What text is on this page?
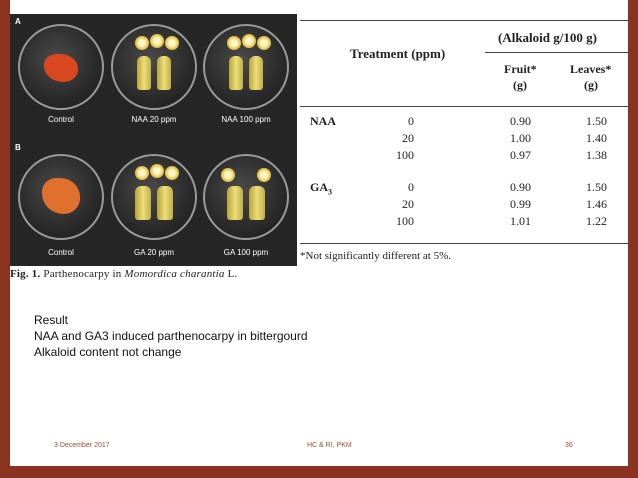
A
Control	NAA 20 ppm	NAA 100 ppm
B
Control	GA 20 ppm	GA 100 ppm
Fig. 1. Parthenocarpy in Momordica charantia L.
Treatment (ppm)
(Alkaloid g/100 g)
Fruit*
(g)
Leaves*
(g)
NAA	0	0.90	1.50
20	1.00	1.40
100	0.97	1.38
$GA_3$	0	0.90	1.50
20	0.99	1.46
100	1.01	1.22
*Not significantly different at 5%.
Result
NAA and GA3 induced parthenocarpy in bittergourd
Alkaloid content not change
3 December 2017	HC & RI, PKM	36
